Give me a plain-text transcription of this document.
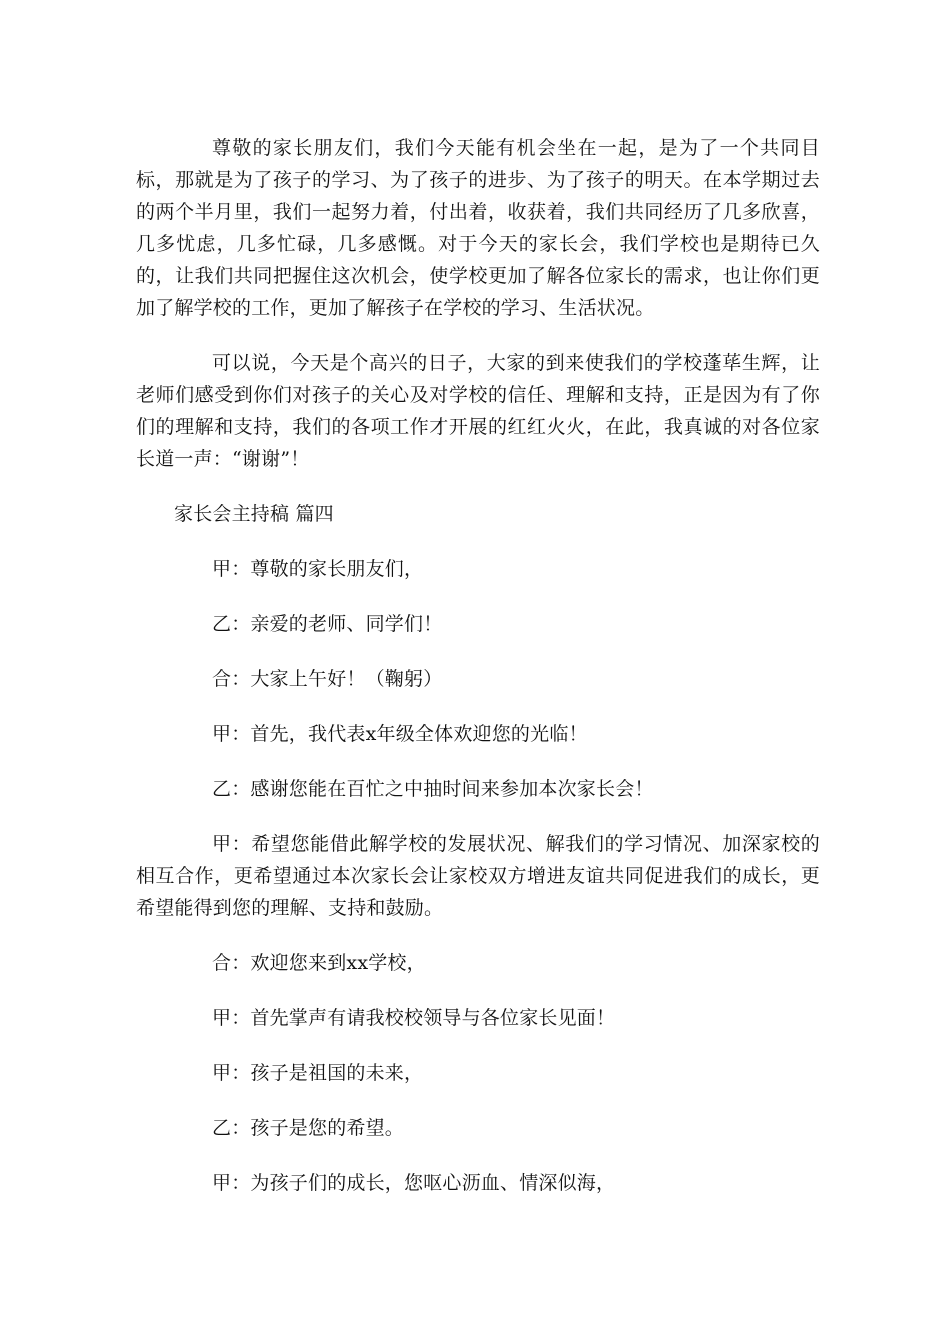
尊敬的家长朋友们，我们今天能有机会坐在一起，是为了一个共同目标，那就是为了孩子的学习、为了孩子的进步、为了孩子的明天。在本学期过去的两个半月里，我们一起努力着，付出着，收获着，我们共同经历了几多欣喜，几多忧虑，几多忙碌，几多感慨。对于今天的家长会，我们学校也是期待已久的，让我们共同把握住这次机会，使学校更加了解各位家长的需求，也让你们更加了解学校的工作，更加了解孩子在学校的学习、生活状况。

可以说，今天是个高兴的日子，大家的到来使我们的学校蓬荜生辉，让老师们感受到你们对孩子的关心及对学校的信任、理解和支持，正是因为有了你们的理解和支持，我们的各项工作才开展的红红火火，在此，我真诚的对各位家长道一声：“谢谢”！

家长会主持稿 篇四

甲：尊敬的家长朋友们，

乙：亲爱的老师、同学们！

合：大家上午好！（鞠躬）

甲：首先，我代表x年级全体欢迎您的光临！

乙：感谢您能在百忙之中抽时间来参加本次家长会！

甲：希望您能借此解学校的发展状况、解我们的学习情况、加深家校的相互合作，更希望通过本次家长会让家校双方增进友谊共同促进我们的成长，更希望能得到您的理解、支持和鼓励。

合：欢迎您来到xx学校，

甲：首先掌声有请我校校领导与各位家长见面！

甲：孩子是祖国的未来，

乙：孩子是您的希望。

甲：为孩子们的成长，您呕心沥血、情深似海，
